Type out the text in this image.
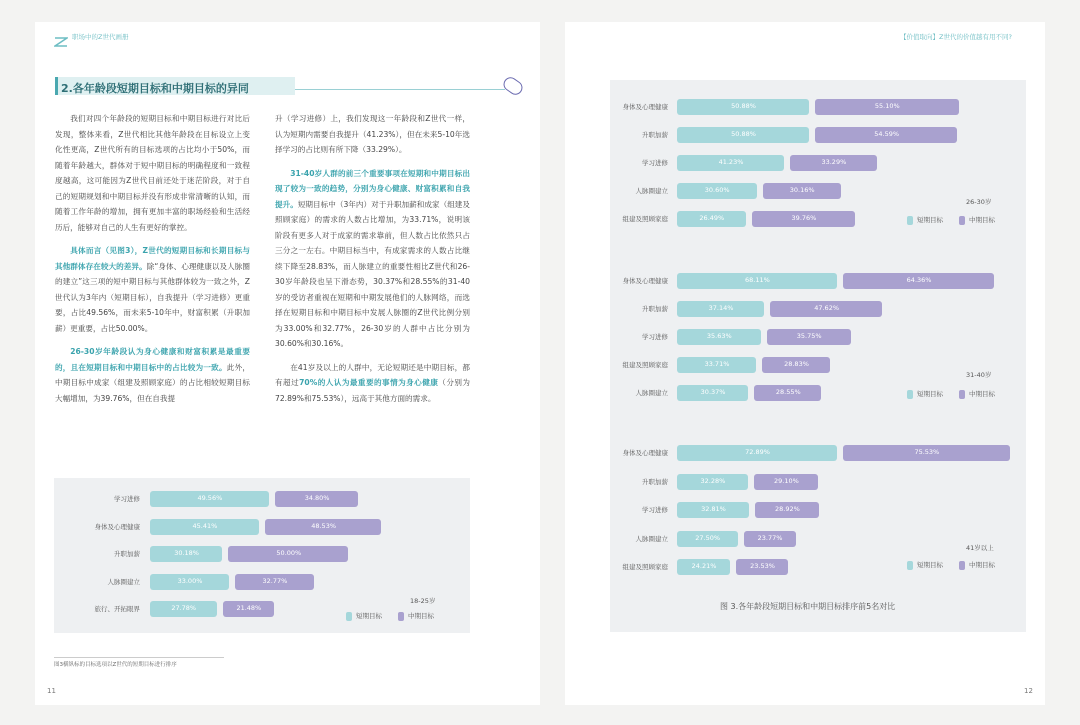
职场中的Z世代画册	【价值取向】Z世代的价值越有用不同?
2.各年龄段短期目标和中期目标的异同

我们对四个年龄段的短期目标和中期目标进行对比后发现，整体来看，Z世代相比其他年龄段在目标设立上变化性更高，Z世代所有的目标选项的占比均小于50%，而随着年龄越大，群体对于短中期目标的明确程度和一致程度越高，这可能因为Z世代目前还处于迷茫阶段，对于自己的短期规划和中期目标并没有形成非常清晰的认知，而随着工作年龄的增加，拥有更加丰富的职场经验和生活经历后，能够对自己的人生有更好的掌控。

具体而言（见图3），Z世代的短期目标和长期目标与其他群体存在较大的差异。除“身体、心理健康以及人脉圈的建立”这三项的短中期目标与其他群体较为一致之外，Z世代认为3年内（短期目标），自我提升（学习进修）更重要，占比49.56%，而未来5-10年中，财富积累（升职加薪）更重要，占比50.00%。

26-30岁年龄段认为身心健康和财富积累是最重要的，且在短期目标和中期目标中的占比较为一致。此外，中期目标中成家（组建及照顾家庭）的占比相较短期目标大幅增加，为39.76%，但在自我提

升（学习进修）上，我们发现这一年龄段和Z世代一样，认为短期内需要自我提升（41.23%），但在未来5-10年选择学习的占比则有所下降（33.29%）。

31-40岁人群的前三个重要事项在短期和中期目标出现了较为一致的趋势，分别为身心健康、财富积累和自我提升。短期目标中（3年内）对于升职加薪和成家（组建及照顾家庭）的需求的人数占比增加，为33.71%，说明该阶段有更多人对于成家的需求靠前，但人数占比依然只占三分之一左右。中期目标当中，有成家需求的人数占比继续下降至28.83%，而人脉建立的重要性相比Z世代和26-30岁年龄段也呈下滑态势，30.37%和28.55%的31-40岁的受访者重视在短期和中期发展他们的人脉网络，而选择在短期目标和中期目标中发展人脉圈的Z世代比例分别为33.00%和32.77%，26-30岁的人群中占比分别为30.60%和30.16%。

在41岁及以上的人群中，无论短期还是中期目标，都有超过70%的人认为最重要的事情为身心健康（分别为72.89%和75.53%），远高于其他方面的需求。

学习进修	49.56%	34.80%
身体及心理健康	45.41%	48.53%
升职加薪	30.18%	50.00%
人脉圈建立	33.00%	32.77%
旅行、开拓眼界	27.78%	21.48%
18-25岁
短期目标	中期目标
身体及心理健康	50.88%	55.10%
升职加薪	50.88%	54.59%
学习进修	41.23%	33.29%
人脉圈建立	30.60%	30.16%
组建及照顾家庭	26.49%	39.76%
26-30岁
短期目标	中期目标
身体及心理健康	68.11%	64.36%
升职加薪	37.14%	47.62%
学习进修	35.63%	35.75%
组建及照顾家庭	33.71%	28.83%
人脉圈建立	30.37%	28.55%
31-40岁
短期目标	中期目标
身体及心理健康	72.89%	75.53%
升职加薪	32.28%	29.10%
学习进修	32.81%	28.92%
人脉圈建立	27.50%	23.77%
组建及照顾家庭	24.21%	23.53%
41岁以上
短期目标	中期目标
图 3.各年龄段短期目标和中期目标排序前5名对比
图3横纵标的目标选项以Z世代的短期目标进行排序
11	12
